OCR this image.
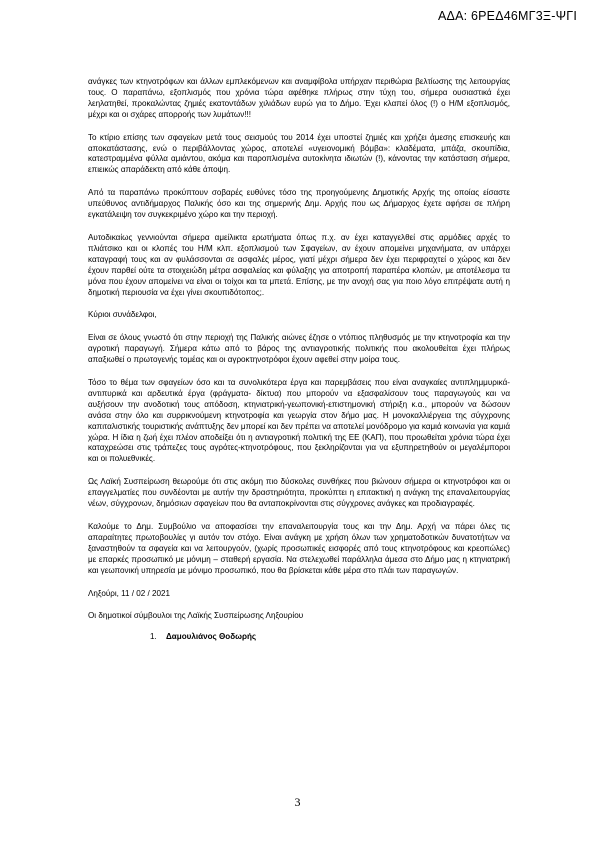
ΑΔΑ: 6ΡΕΔ46ΜΓ3Ξ-ΨΓΙ

ανάγκες των κτηνοτρόφων και άλλων εμπλεκόμενων και αναμφίβολα υπήρχαν περιθώρια βελτίωσης της λειτουργίας τους. Ο παραπάνω, εξοπλισμός που χρόνια τώρα αφέθηκε πλήρως στην τύχη του, σήμερα ουσιαστικά έχει λεηλατηθεί, προκαλώντας ζημιές εκατοντάδων χιλιάδων ευρώ για το Δήμο. Έχει κλαπεί όλος (!) ο Η/Μ εξοπλισμός, μέχρι και οι σχάρες απορροής των λυμάτων!!!

Το κτίριο επίσης των σφαγείων μετά τους σεισμούς του 2014 έχει υποστεί ζημιές και χρήζει άμεσης επισκευής και αποκατάστασης, ενώ ο περιβάλλοντας χώρος, αποτελεί «υγειονομική βόμβα»: κλαδέματα, μπάζα, σκουπίδια, κατεστραμμένα φύλλα αμιάντου, ακόμα και παροπλισμένα αυτοκίνητα ιδιωτών (!), κάνοντας την κατάσταση σήμερα, επιεικώς απαράδεκτη από κάθε άποψη.

Από τα παραπάνω προκύπτουν σοβαρές ευθύνες τόσο της προηγούμενης Δημοτικής Αρχής της οποίας είσαστε υπεύθυνος αντιδήμαρχος Παλικής όσο και της σημερινής Δημ. Αρχής που ως Δήμαρχος έχετε αφήσει σε πλήρη εγκατάλειψη τον συγκεκριμένο χώρο και την περιοχή.

Αυτοδικαίως γεννιούνται σήμερα αμείλικτα ερωτήματα όπως π.χ. αν έχει καταγγελθεί στις αρμόδιες αρχές το πλιάτσικο και οι κλοπές του Η/Μ κλπ. εξοπλισμού των Σφαγείων, αν έχουν απομείνει μηχανήματα, αν υπάρχει καταγραφή τους και αν φυλάσσονται σε ασφαλές μέρος, γιατί μέχρι σήμερα δεν έχει περιφραχτεί ο χώρος και δεν έχουν παρθεί ούτε τα στοιχειώδη μέτρα ασφαλείας και φύλαξης για αποτροπή παραπέρα κλοπών, με αποτέλεσμα τα μόνα που έχουν απομείνει να είναι οι τοίχοι και τα μπετά. Επίσης, με την ανοχή σας για ποιο λόγο επιτρέψατε αυτή η δημοτική περιουσία να έχει γίνει σκουπιδότοπος;.

Κύριοι συνάδελφοι,

Είναι σε όλους γνωστό ότι στην περιοχή της Παλικής αιώνες έζησε ο ντόπιος πληθυσμός με την κτηνοτροφία και την αγροτική παραγωγή. Σήμερα κάτω από το βάρος της αντιαγροτικής πολιτικής που ακολουθείται έχει πλήρως απαξιωθεί ο πρωτογενής τομέας και οι αγροκτηνοτρόφοι έχουν αφεθεί στην μοίρα τους.

Τόσο το θέμα των σφαγείων όσο και τα συνολικότερα έργα και παρεμβάσεις που είναι αναγκαίες αντιπλημμυρικά- αντιπυρικά και αρδευτικά έργα (φράγματα- δίκτυα) που μπορούν να εξασφαλίσουν τους παραγωγούς και να αυξήσουν την ανοδοτική τους απόδοση, κτηνιατρική-γεωπονική-επιστημονική στήριξη κ.α., μπορούν να δώσουν ανάσα στην όλο και συρρικνούμενη κτηνοτροφία και γεωργία στον δήμο μας. Η μονοκαλλιέργεια της σύγχρονης καπιταλιστικής τουριστικής ανάπτυξης δεν μπορεί και δεν πρέπει να αποτελεί μονόδρομο για καμιά κοινωνία για καμιά χώρα. Η ίδια η ζωή έχει πλέον αποδείξει ότι η αντιαγροτική πολιτική της ΕΕ (ΚΑΠ), που προωθείται χρόνια τώρα έχει καταχρεώσει στις τράπεζες τους αγρότες-κτηνοτρόφους, που ξεκληρίζονται για να εξυπηρετηθούν οι μεγαλέμποροι και οι πολυεθνικές.

Ως Λαϊκή Συσπείρωση θεωρούμε ότι στις ακόμη πιο δύσκολες συνθήκες που βιώνουν σήμερα οι κτηνοτρόφοι και οι επαγγελματίες που συνδέονται με αυτήν την δραστηριότητα, προκύπτει η επιτακτική η ανάγκη της επαναλειτουργίας νέων, σύγχρονων, δημόσιων σφαγείων που θα ανταποκρίνονται στις σύγχρονες ανάγκες και προδιαγραφές.

Καλούμε το Δημ. Συμβούλιο να αποφασίσει την επαναλειτουργία τους και την Δημ. Αρχή να πάρει όλες τις απαραίτητες πρωτοβουλίες γι αυτόν τον στόχο. Είναι ανάγκη με χρήση όλων των χρηματοδοτικών δυνατοτήτων να ξαναστηθούν τα σφαγεία και να λειτουργούν, (χωρίς προσωπικές εισφορές από τους κτηνοτρόφους και κρεοπώλες) με επαρκές προσωπικό με μόνιμη – σταθερή εργασία. Να στελεχωθεί παράλληλα άμεσα στο Δήμο μας η κτηνιατρική και γεωπονική υπηρεσία με μόνιμο προσωπικό, που θα βρίσκεται κάθε μέρα στο πλάι των παραγωγών.

Ληξούρι, 11 / 02 / 2021

Οι δημοτικοί σύμβουλοι της Λαϊκής Συσπείρωσης Ληξουρίου

1. Δαμουλιάνος Θοδωρής
3
